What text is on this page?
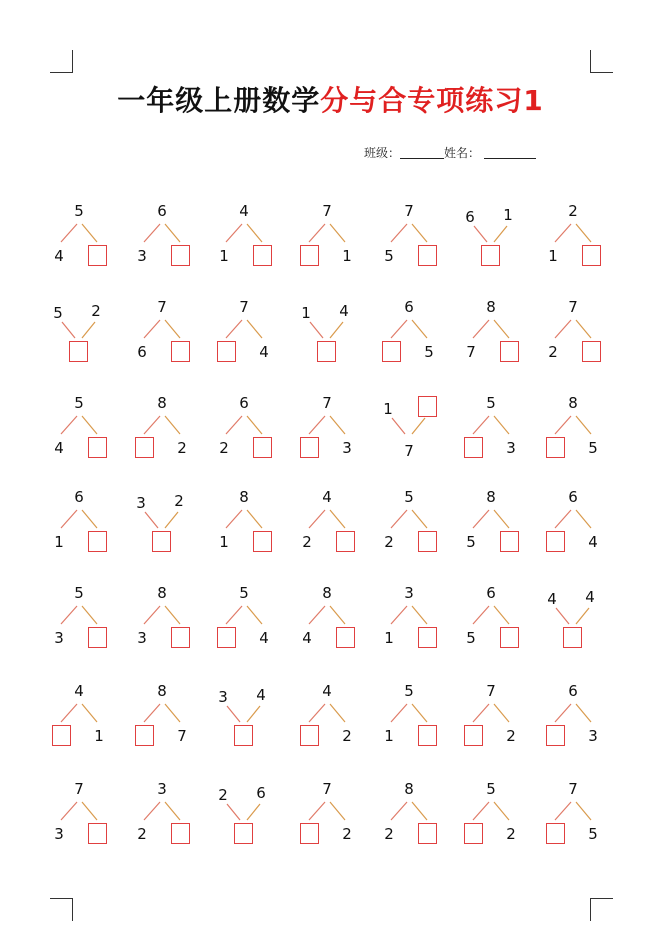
一年级上册数学分与合专项练习1
班级：	姓名：
5
4
6
3
4
1
7
1
7
5
6 1	2
1
5 2	7
6
7
4
1 4	6
5
8
7
7
2
5
4
8
2
6
2
7
3
1
7
5
3
8
5
6
1
3 2	8
1
4
2
5
2
8
5
6
4
5
3
8
3
5
4
8
4
3
1
6
5
4 4
4
1
8
7
3 4	4
2
5
1
7
2
6
3
7
3
3
2
2 6	7
2
8
2
5
2
7
5
